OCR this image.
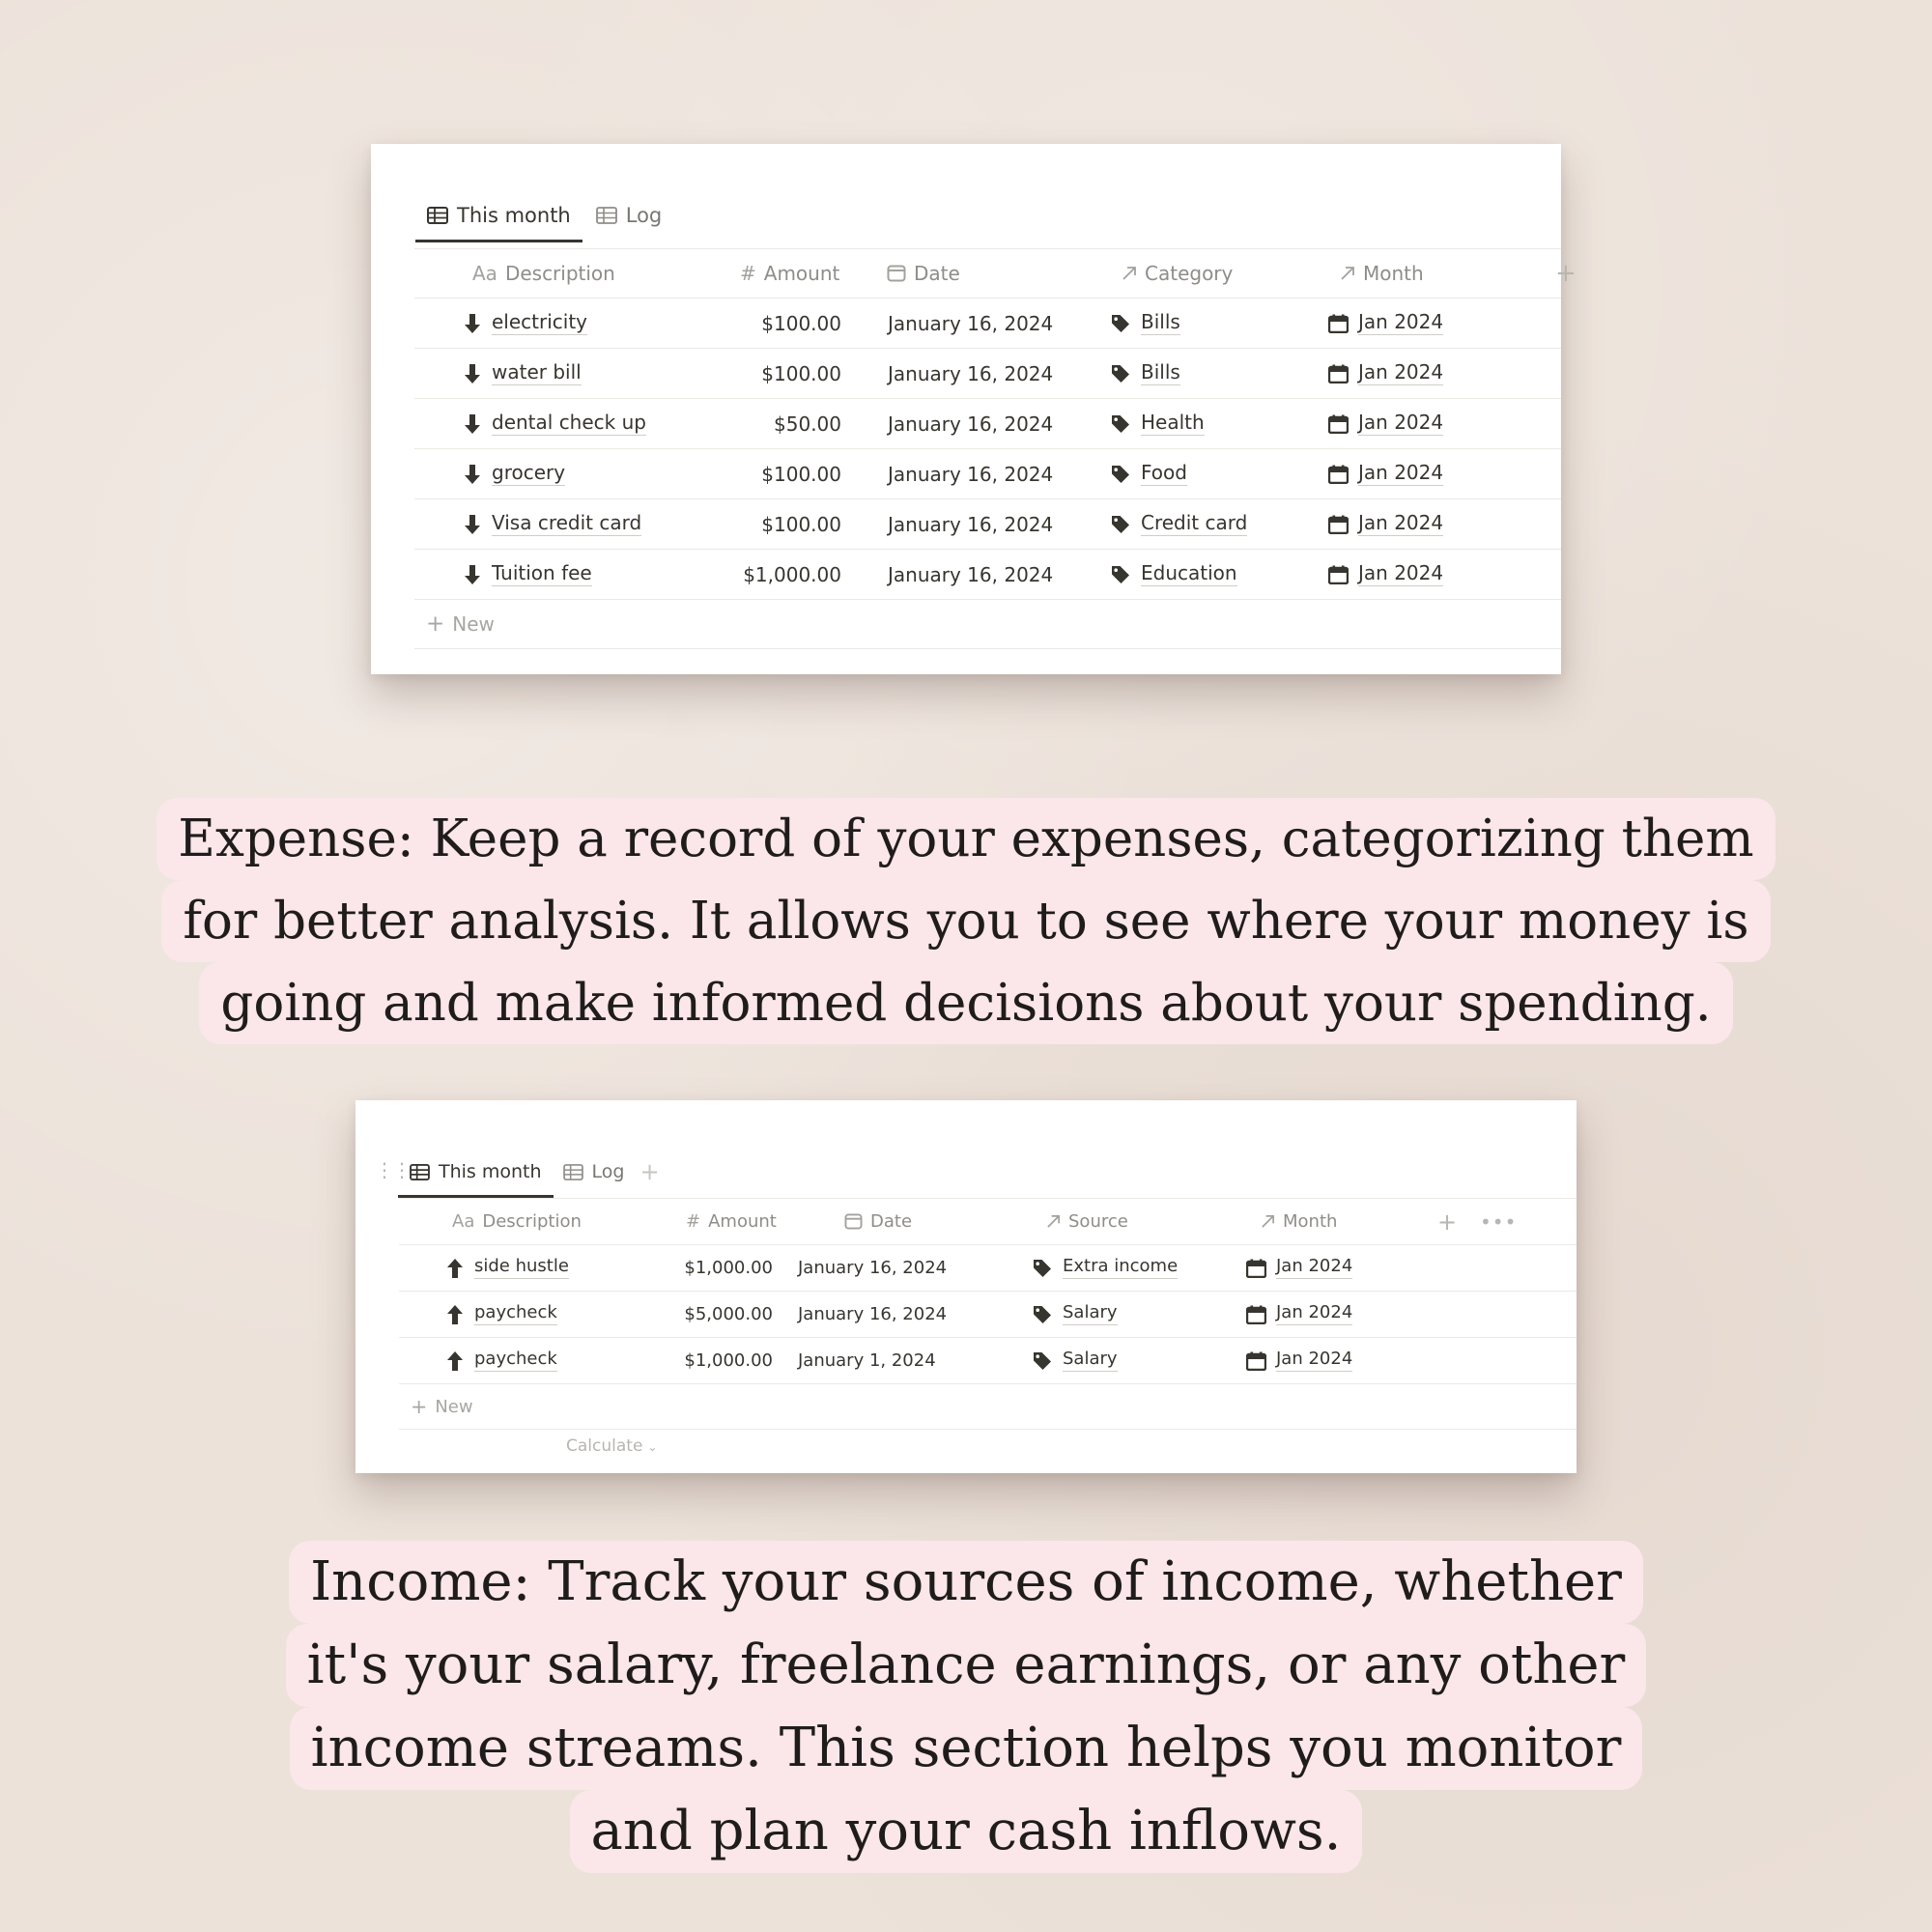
This month	Log
Aa Description	# Amount	Date	Category	Month	+
electricity	$100.00 January 16, 2024	Bills	Jan 2024
water bill	$100.00 January 16, 2024	Bills	Jan 2024
dental check up	$50.00 January 16, 2024	Health	Jan 2024
grocery	$100.00 January 16, 2024	Food	Jan 2024
Visa credit card	$100.00 January 16, 2024	Credit card	Jan 2024
Tuition fee	$1,000.00 January 16, 2024	Education	Jan 2024
+ New
Expense: Keep a record of your expenses, categorizing them
for better analysis. It allows you to see where your money is
going and make informed decisions about your spending.
⋮⋮ This month	Log +
Aa Description	# Amount	Date	Source	Month	+ •••
side hustle	$1,000.00 January 16, 2024	Extra income	Jan 2024
paycheck	$5,000.00 January 16, 2024	Salary	Jan 2024
paycheck	$1,000.00 January 1, 2024	Salary	Jan 2024
+ New
Calculate ⌄
Income: Track your sources of income, whether
it's your salary, freelance earnings, or any other
income streams. This section helps you monitor
and plan your cash inflows.
